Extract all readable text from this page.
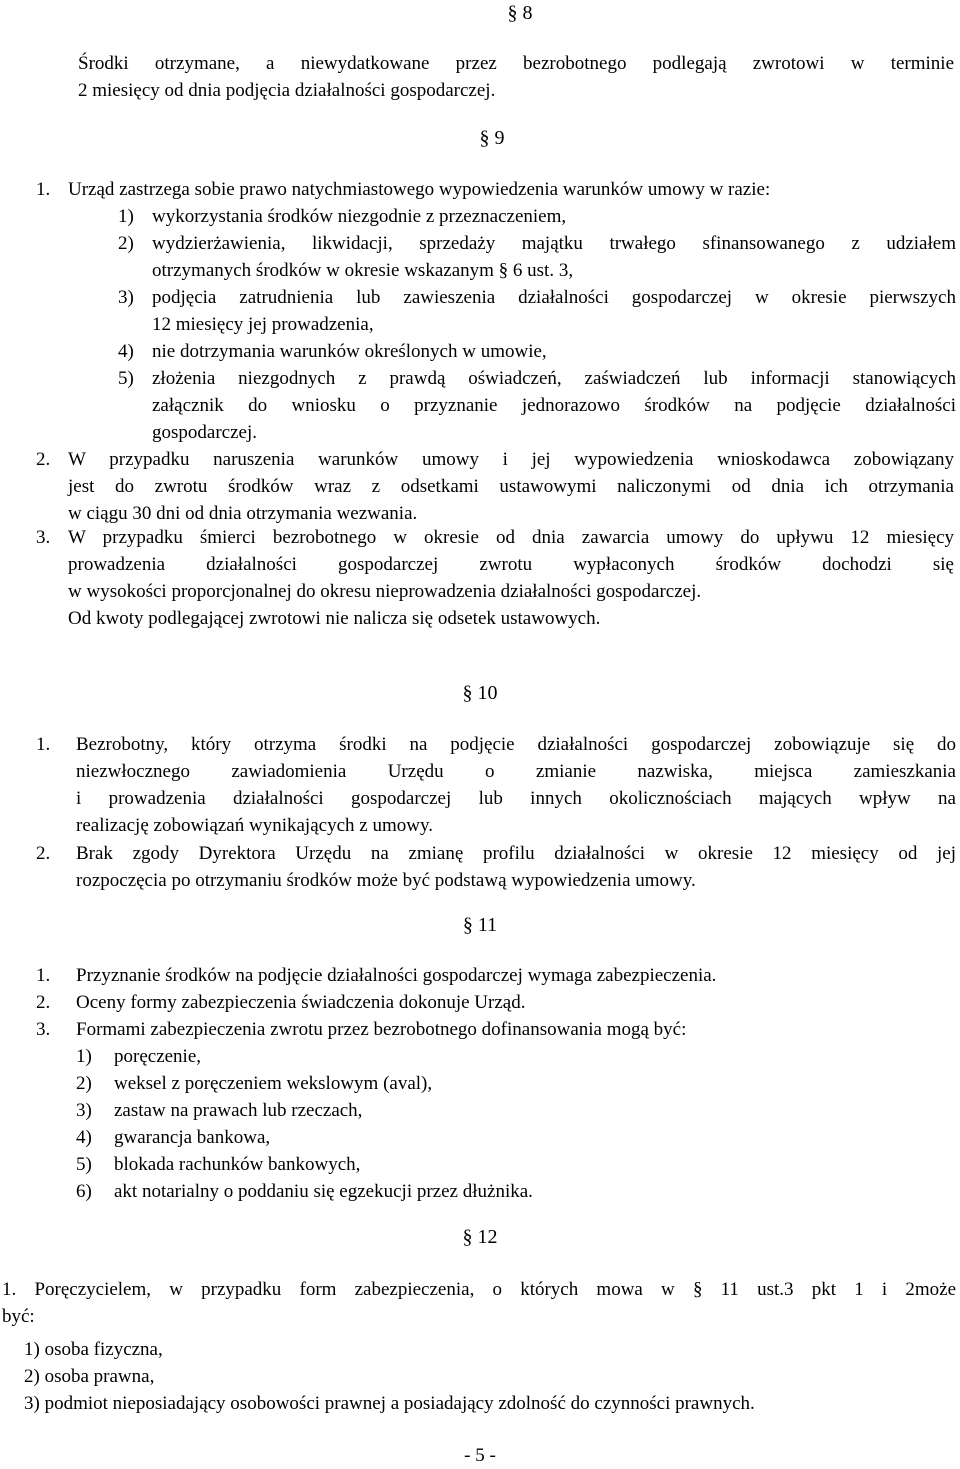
§ 8
Środki otrzymane, a niewydatkowane przez bezrobotnego podlegają zwrotowi w terminie
2 miesięcy od dnia podjęcia działalności gospodarczej.
§ 9
1. Urząd zastrzega sobie prawo natychmiastowego wypowiedzenia warunków umowy w razie:
1) wykorzystania środków niezgodnie z przeznaczeniem,
2) wydzierżawienia, likwidacji, sprzedaży majątku trwałego sfinansowanego z udziałem
otrzymanych środków w okresie wskazanym § 6 ust. 3,
3) podjęcia zatrudnienia lub zawieszenia działalności gospodarczej w okresie pierwszych
12 miesięcy jej prowadzenia,
4) nie dotrzymania warunków określonych w umowie,
5) złożenia niezgodnych z prawdą oświadczeń, zaświadczeń lub informacji stanowiących
załącznik do wniosku o przyznanie jednorazowo środków na podjęcie działalności
gospodarczej.
2. W przypadku naruszenia warunków umowy i jej wypowiedzenia wnioskodawca zobowiązany
jest do zwrotu środków wraz z odsetkami ustawowymi naliczonymi od dnia ich otrzymania
w ciągu 30 dni od dnia otrzymania wezwania.
3. W przypadku śmierci bezrobotnego w okresie od dnia zawarcia umowy do upływu 12 miesięcy
prowadzenia działalności gospodarczej zwrotu wypłaconych środków dochodzi się
w wysokości proporcjonalnej do okresu nieprowadzenia działalności gospodarczej.
Od kwoty podlegającej zwrotowi nie nalicza się odsetek ustawowych.
§ 10
1. Bezrobotny, który otrzyma środki na podjęcie działalności gospodarczej zobowiązuje się do
niezwłocznego zawiadomienia Urzędu o zmianie nazwiska, miejsca zamieszkania
i prowadzenia działalności gospodarczej lub innych okolicznościach mających wpływ na
realizację zobowiązań wynikających z umowy.
2. Brak zgody Dyrektora Urzędu na zmianę profilu działalności w okresie 12 miesięcy od jej
rozpoczęcia po otrzymaniu środków może być podstawą wypowiedzenia umowy.
§ 11
1. Przyznanie środków na podjęcie działalności gospodarczej wymaga zabezpieczenia.
2. Oceny formy zabezpieczenia świadczenia dokonuje Urząd.
3. Formami zabezpieczenia zwrotu przez bezrobotnego dofinansowania mogą być:
1) poręczenie,
2) weksel z poręczeniem wekslowym (aval),
3) zastaw na prawach lub rzeczach,
4) gwarancja bankowa,
5) blokada rachunków bankowych,
6) akt notarialny o poddaniu się egzekucji przez dłużnika.
§ 12
1. Poręczycielem, w przypadku form zabezpieczenia, o których mowa w § 11 ust.3 pkt 1 i 2może
być:
1) osoba fizyczna,
2) osoba prawna,
3) podmiot nieposiadający osobowości prawnej a posiadający zdolność do czynności prawnych.
- 5 -
